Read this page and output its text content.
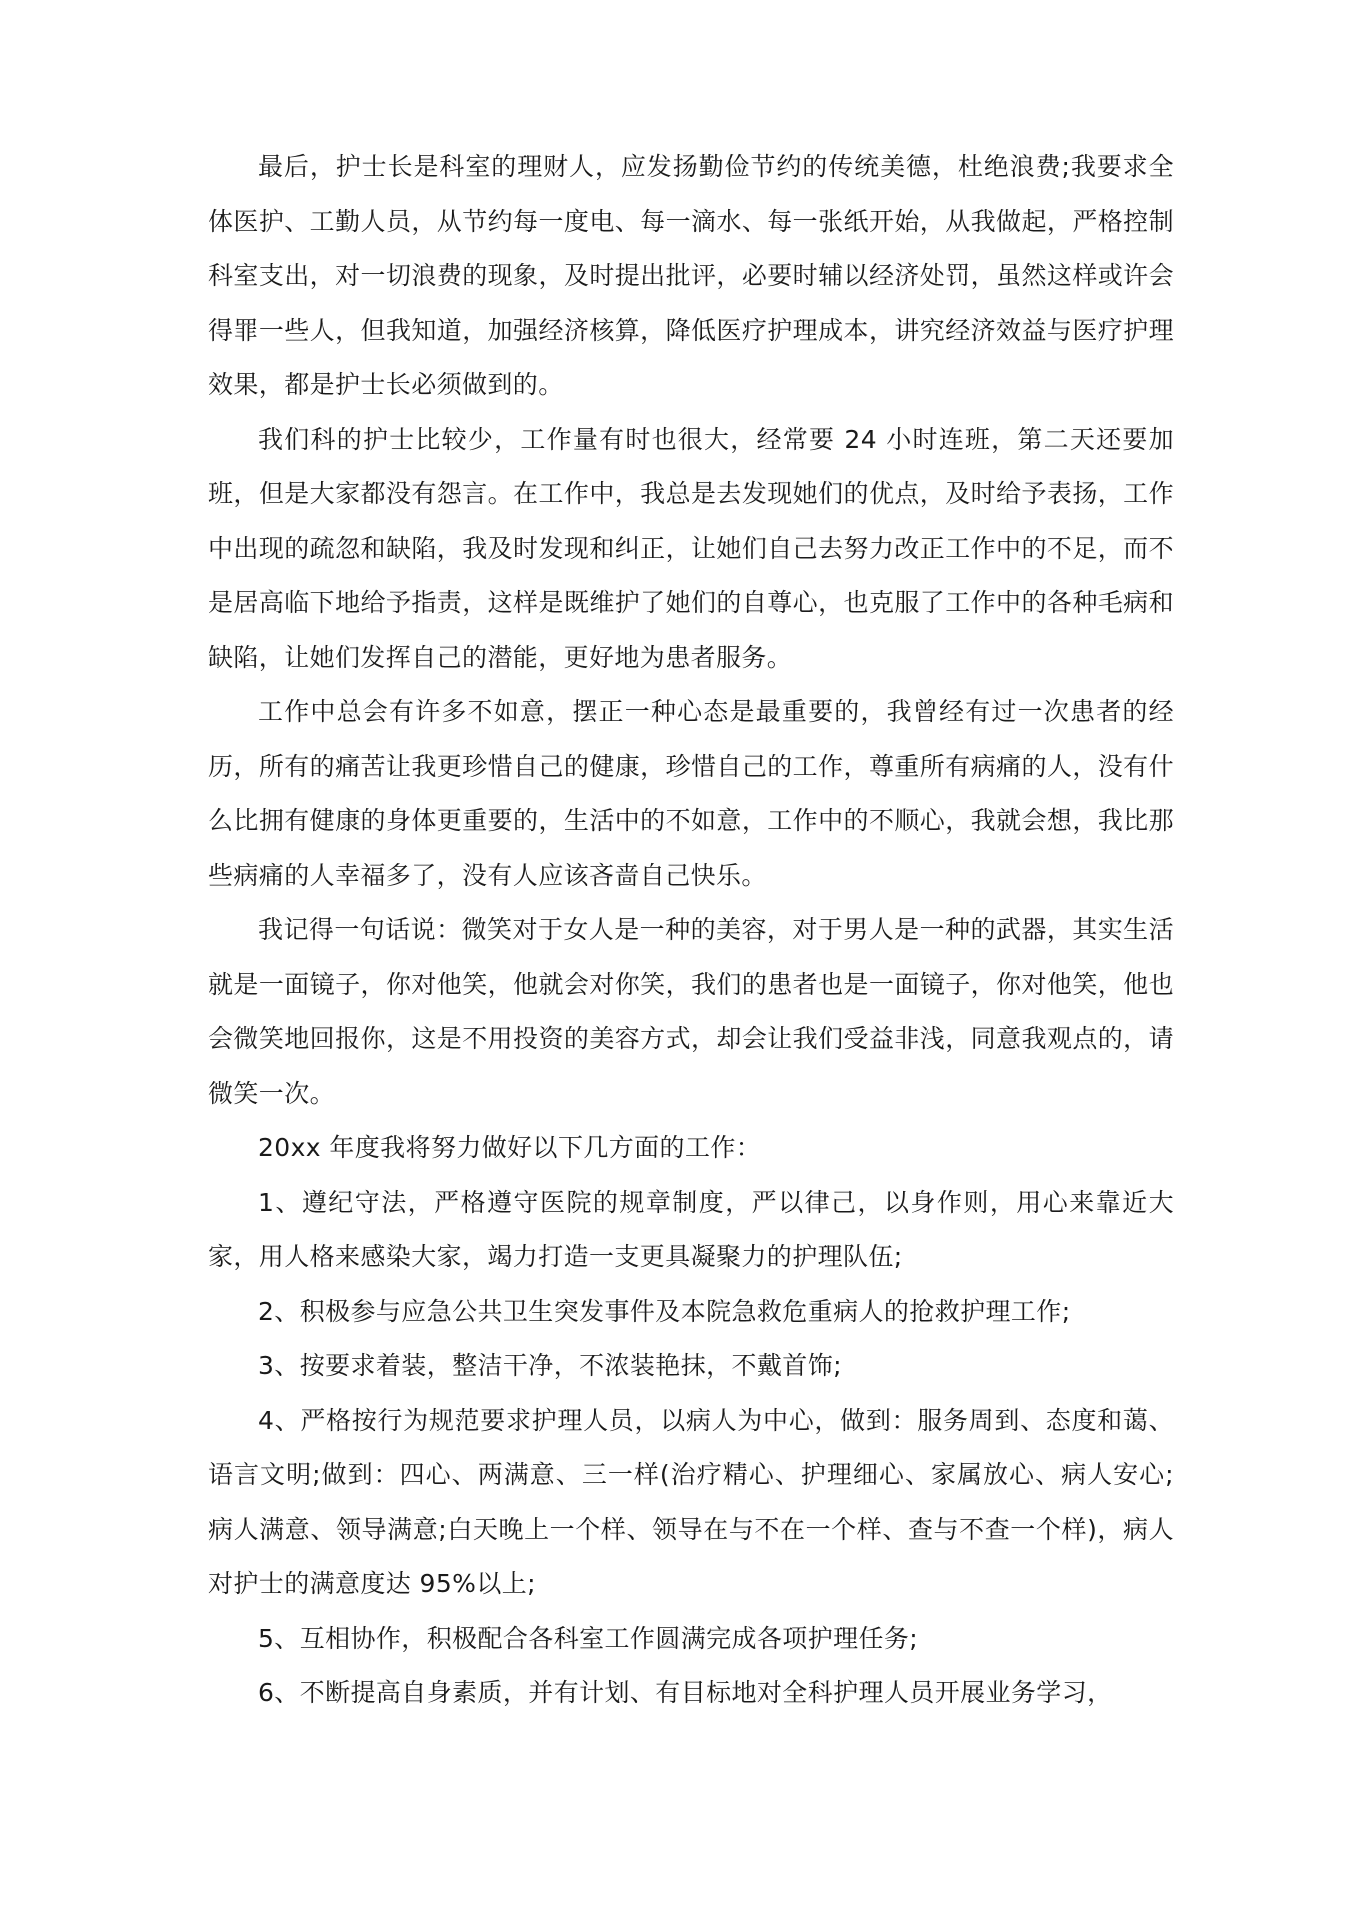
最后，护士长是科室的理财人，应发扬勤俭节约的传统美德，杜绝浪费;我要求全体医护、工勤人员，从节约每一度电、每一滴水、每一张纸开始，从我做起，严格控制科室支出，对一切浪费的现象，及时提出批评，必要时辅以经济处罚，虽然这样或许会得罪一些人，但我知道，加强经济核算，降低医疗护理成本，讲究经济效益与医疗护理效果，都是护士长必须做到的。

我们科的护士比较少，工作量有时也很大，经常要 24 小时连班，第二天还要加班，但是大家都没有怨言。在工作中，我总是去发现她们的优点，及时给予表扬，工作中出现的疏忽和缺陷，我及时发现和纠正，让她们自己去努力改正工作中的不足，而不是居高临下地给予指责，这样是既维护了她们的自尊心，也克服了工作中的各种毛病和缺陷，让她们发挥自己的潜能，更好地为患者服务。

工作中总会有许多不如意，摆正一种心态是最重要的，我曾经有过一次患者的经历，所有的痛苦让我更珍惜自己的健康，珍惜自己的工作，尊重所有病痛的人，没有什么比拥有健康的身体更重要的，生活中的不如意，工作中的不顺心，我就会想，我比那些病痛的人幸福多了，没有人应该吝啬自己快乐。

我记得一句话说：微笑对于女人是一种的美容，对于男人是一种的武器，其实生活就是一面镜子，你对他笑，他就会对你笑，我们的患者也是一面镜子，你对他笑，他也会微笑地回报你，这是不用投资的美容方式，却会让我们受益非浅，同意我观点的，请微笑一次。

20xx 年度我将努力做好以下几方面的工作：

1、遵纪守法，严格遵守医院的规章制度，严以律己，以身作则，用心来靠近大家，用人格来感染大家，竭力打造一支更具凝聚力的护理队伍;

2、积极参与应急公共卫生突发事件及本院急救危重病人的抢救护理工作;

3、按要求着装，整洁干净，不浓装艳抹，不戴首饰;

4、严格按行为规范要求护理人员，以病人为中心，做到：服务周到、态度和蔼、语言文明;做到：四心、两满意、三一样(治疗精心、护理细心、家属放心、病人安心;病人满意、领导满意;白天晚上一个样、领导在与不在一个样、查与不查一个样)，病人对护士的满意度达 95%以上;

5、互相协作，积极配合各科室工作圆满完成各项护理任务;

6、不断提高自身素质，并有计划、有目标地对全科护理人员开展业务学习，
